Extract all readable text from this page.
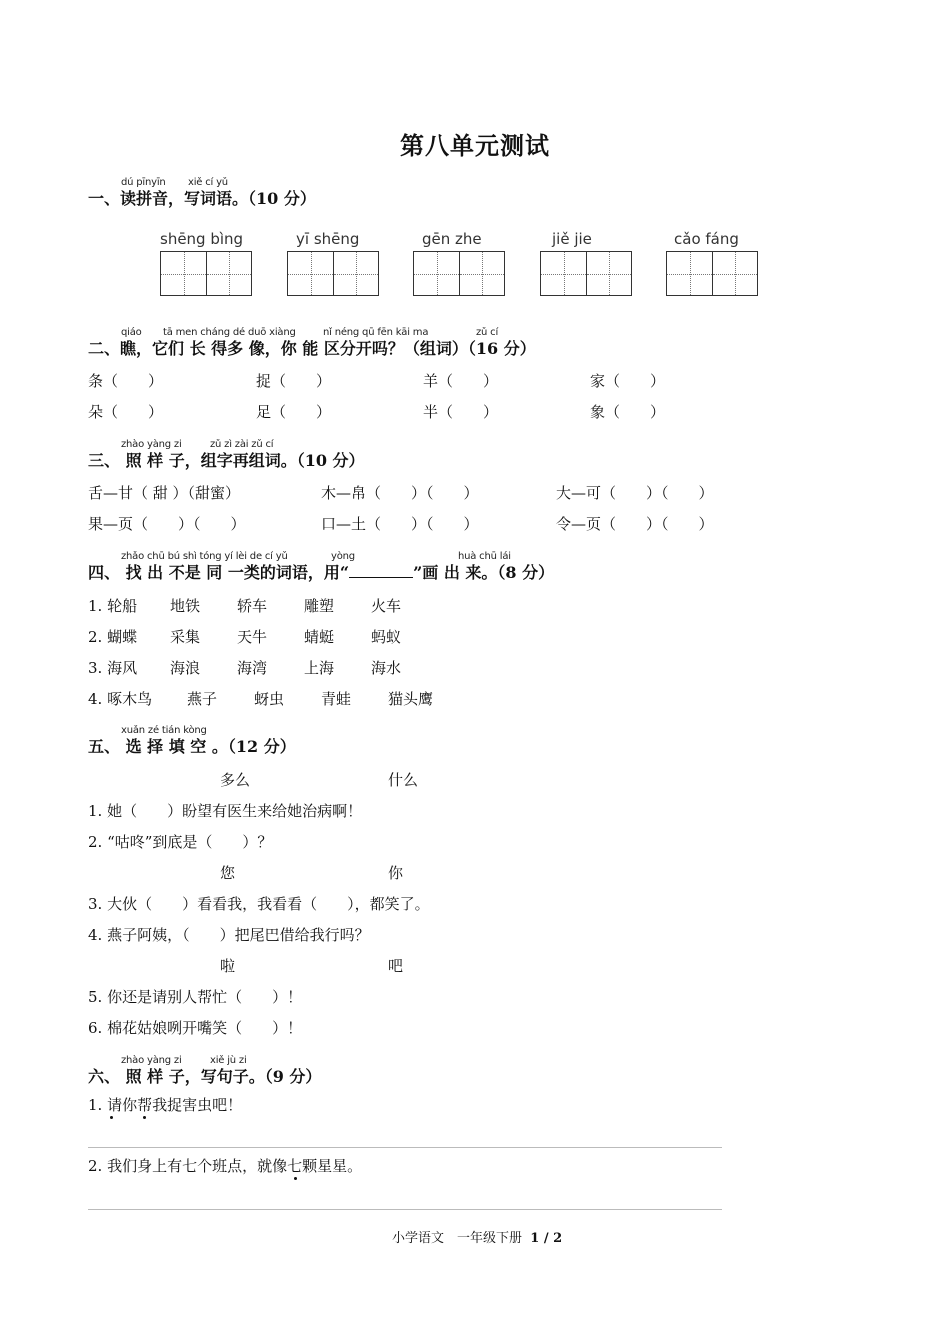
第八单元测试
dú pīnyīn xiě cí yǔ
一、读拼音，写词语。（10 分）
shēng bìng	yī shēng	gēn zhe	jiě jie	cǎo fáng
qiáo tā men cháng dé duō xiàng	nǐ néng qū fēn kāi ma	zǔ cí
二、瞧，它们 长 得多 像，你 能 区分开吗？（组词）（16 分）
条（　　）	捉（　　）	羊（　　）	家（　　）
朵（　　）	足（　　）	半（　　）	象（　　）
zhào yàng zi	zǔ zì zài zǔ cí
三、 照 样 子，组字再组词。（10 分）
舌—甘（ 甜 ）（甜蜜）	木—帛（　　）（　　）	大—可（　　）（　　）
果—页（　　）（　　）	口—土（　　）（　　）	令—页（　　）（　　）
zhǎo chū bú shì tóng yí lèi de cí yǔ	yòng	huà chū lái
四、 找 出 不是 同 一类的词语，用“	”画 出 来。（8 分）
1. 轮船 地铁 轿车 雕塑 火车
2. 蝴蝶 采集 天牛 蜻蜓 蚂蚁
3. 海风 海浪 海湾 上海 海水
4. 啄木鸟 燕子 蚜虫 青蛙 猫头鹰
xuǎn zé tián kòng
五、 选 择 填 空 。（12 分）
多么	什么
1. 她（　　）盼望有医生来给她治病啊！
2. “咕咚”到底是（　　）？
您	你
3. 大伙（　　）看看我，我看看（　　），都笑了。
4. 燕子阿姨，（　　）把尾巴借给我行吗？
啦	吧
5. 你还是请别人帮忙（　　）！
6. 棉花姑娘咧开嘴笑（　　）！
zhào yàng zi	xiě jù zi
六、 照 样 子，写句子。（9 分）
1. 请你帮我捉害虫吧！
2. 我们身上有七个班点，就像七颗星星。
小学语文　一年级下册 1 / 2
